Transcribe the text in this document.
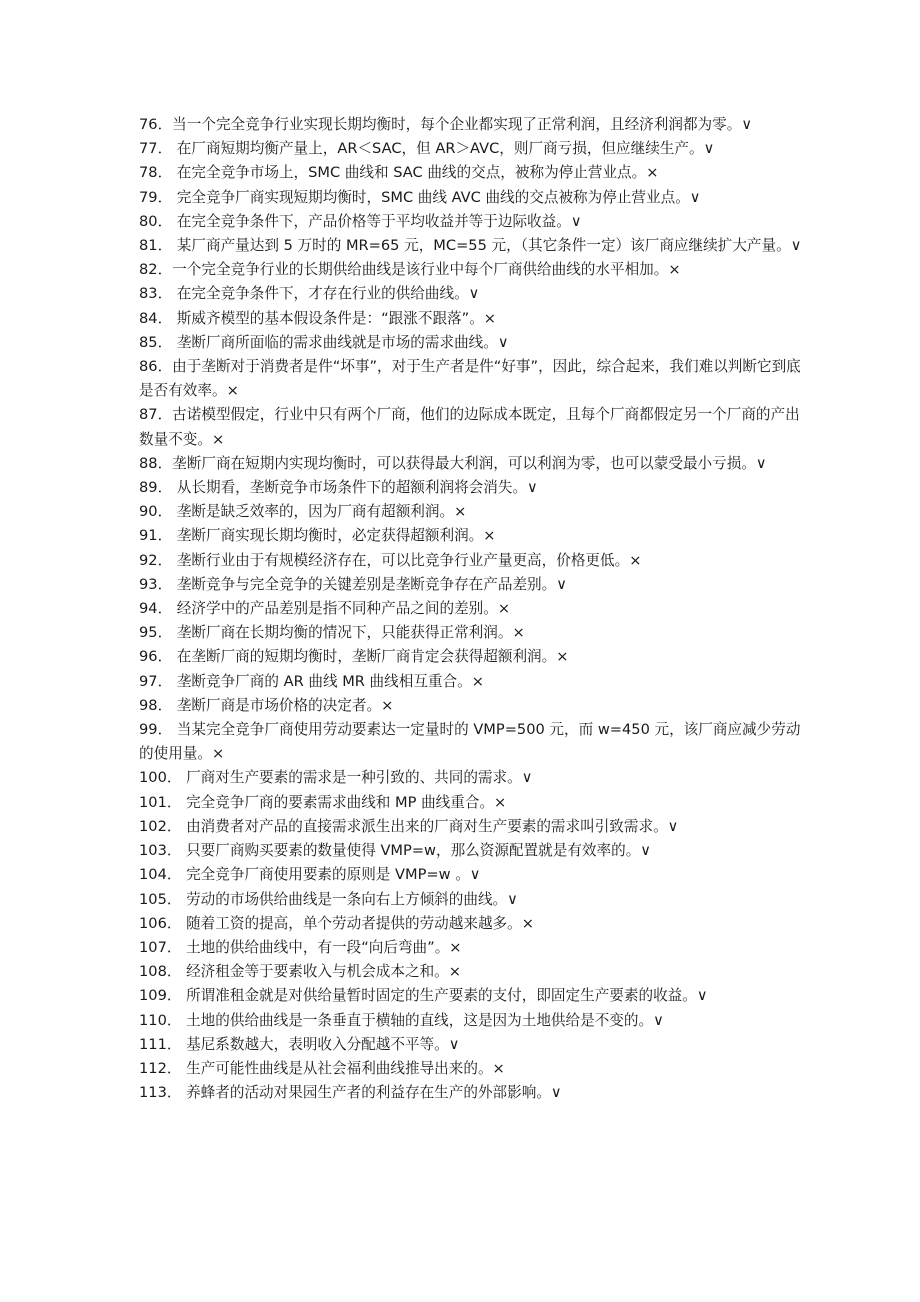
76．当一个完全竞争行业实现长期均衡时，每个企业都实现了正常利润，且经济利润都为零。∨

77． 在厂商短期均衡产量上，AR＜SAC，但 AR＞AVC，则厂商亏损，但应继续生产。∨

78． 在完全竞争市场上，SMC 曲线和 SAC 曲线的交点，被称为停止营业点。×

79． 完全竞争厂商实现短期均衡时，SMC 曲线 AVC 曲线的交点被称为停止营业点。∨

80． 在完全竞争条件下，产品价格等于平均收益并等于边际收益。∨

81． 某厂商产量达到 5 万时的 MR=65 元，MC=55 元，（其它条件一定）该厂商应继续扩大产量。∨

82．一个完全竞争行业的长期供给曲线是该行业中每个厂商供给曲线的水平相加。×

83． 在完全竞争条件下，才存在行业的供给曲线。∨

84． 斯威齐模型的基本假设条件是：“跟涨不跟落”。×

85． 垄断厂商所面临的需求曲线就是市场的需求曲线。∨

86．由于垄断对于消费者是件“坏事”，对于生产者是件“好事”，因此，综合起来，我们难以判断它到底是否有效率。×

87．古诺模型假定，行业中只有两个厂商，他们的边际成本既定，且每个厂商都假定另一个厂商的产出数量不变。×

88．垄断厂商在短期内实现均衡时，可以获得最大利润，可以利润为零，也可以蒙受最小亏损。∨

89． 从长期看，垄断竞争市场条件下的超额利润将会消失。∨

90． 垄断是缺乏效率的，因为厂商有超额利润。×

91． 垄断厂商实现长期均衡时，必定获得超额利润。×

92． 垄断行业由于有规模经济存在，可以比竞争行业产量更高，价格更低。×

93． 垄断竞争与完全竞争的关键差别是垄断竞争存在产品差别。∨

94． 经济学中的产品差别是指不同种产品之间的差别。×

95． 垄断厂商在长期均衡的情况下，只能获得正常利润。×

96． 在垄断厂商的短期均衡时，垄断厂商肯定会获得超额利润。×

97． 垄断竞争厂商的 AR 曲线 MR 曲线相互重合。×

98． 垄断厂商是市场价格的决定者。×

99． 当某完全竞争厂商使用劳动要素达一定量时的 VMP=500 元，而 w=450 元，该厂商应减少劳动的使用量。×

100． 厂商对生产要素的需求是一种引致的、共同的需求。∨

101． 完全竞争厂商的要素需求曲线和 MP 曲线重合。×

102． 由消费者对产品的直接需求派生出来的厂商对生产要素的需求叫引致需求。∨

103． 只要厂商购买要素的数量使得 VMP=w，那么资源配置就是有效率的。∨

104． 完全竞争厂商使用要素的原则是 VMP=w 。∨

105． 劳动的市场供给曲线是一条向右上方倾斜的曲线。∨

106． 随着工资的提高，单个劳动者提供的劳动越来越多。×

107． 土地的供给曲线中，有一段“向后弯曲”。×

108． 经济租金等于要素收入与机会成本之和。×

109． 所谓准租金就是对供给量暂时固定的生产要素的支付，即固定生产要素的收益。∨

110． 土地的供给曲线是一条垂直于横轴的直线，这是因为土地供给是不变的。∨

111． 基尼系数越大，表明收入分配越不平等。∨

112． 生产可能性曲线是从社会福利曲线推导出来的。×

113． 养蜂者的活动对果园生产者的利益存在生产的外部影响。∨
